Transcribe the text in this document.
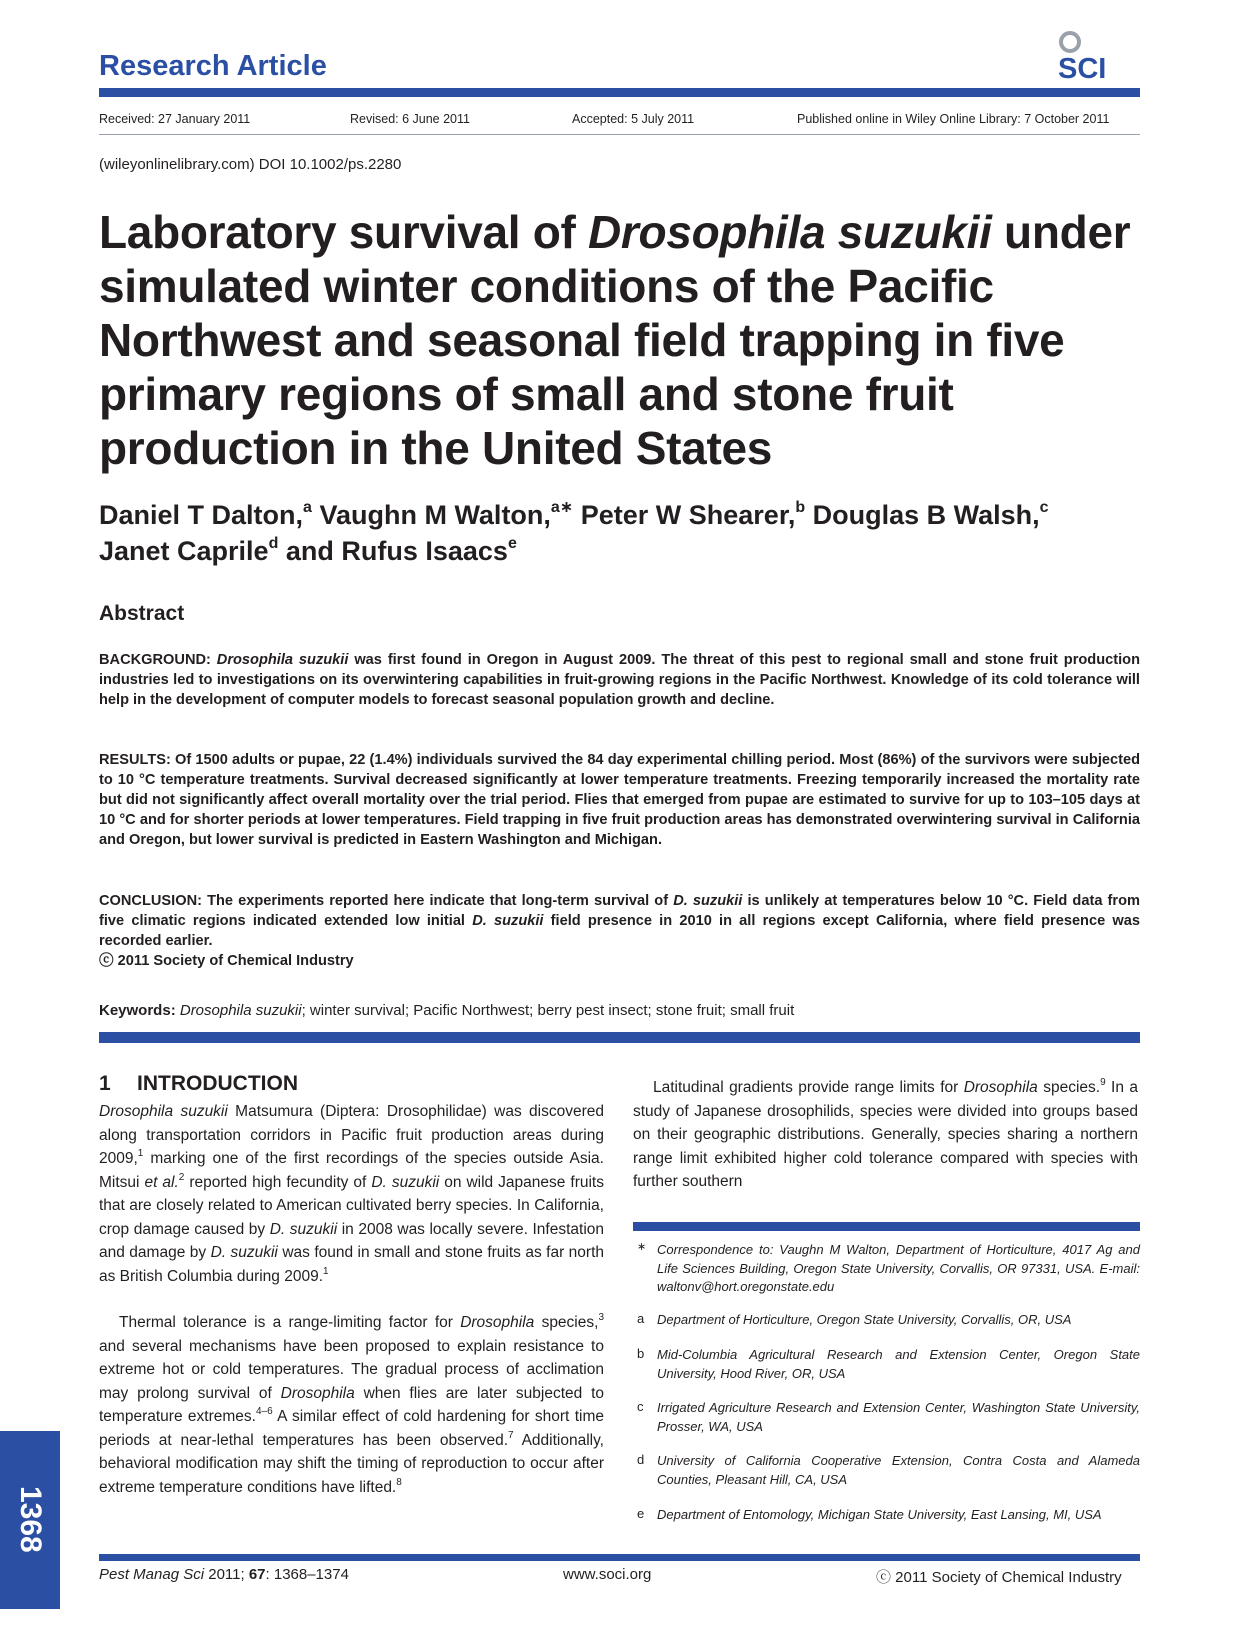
Research Article	SCI
Received: 27 January 2011	Revised: 6 June 2011	Accepted: 5 July 2011	Published online in Wiley Online Library: 7 October 2011
(wileyonlinelibrary.com) DOI 10.1002/ps.2280
Laboratory survival of Drosophila suzukii under simulated winter conditions of the Pacific Northwest and seasonal field trapping in five primary regions of small and stone fruit production in the United States
Daniel T Dalton,$^a$ Vaughn M Walton,$^{a∗}$ Peter W Shearer,$^b$ Douglas B Walsh,$^c$
Janet Caprile$^d$ and Rufus Isaacs$^e$
Abstract
BACKGROUND: Drosophila suzukii was first found in Oregon in August 2009. The threat of this pest to regional small and stone fruit production industries led to investigations on its overwintering capabilities in fruit-growing regions in the Pacific Northwest. Knowledge of its cold tolerance will help in the development of computer models to forecast seasonal population growth and decline.
RESULTS: Of 1500 adults or pupae, 22 (1.4%) individuals survived the 84 day experimental chilling period. Most (86%) of the survivors were subjected to 10 °C temperature treatments. Survival decreased significantly at lower temperature treatments. Freezing temporarily increased the mortality rate but did not significantly affect overall mortality over the trial period. Flies that emerged from pupae are estimated to survive for up to 103–105 days at 10 °C and for shorter periods at lower temperatures. Field trapping in five fruit production areas has demonstrated overwintering survival in California and Oregon, but lower survival is predicted in Eastern Washington and Michigan.
CONCLUSION: The experiments reported here indicate that long-term survival of D. suzukii is unlikely at temperatures below 10 °C. Field data from five climatic regions indicated extended low initial D. suzukii field presence in 2010 in all regions except California, where field presence was recorded earlier.
ⓒ 2011 Society of Chemical Industry
Keywords: Drosophila suzukii; winter survival; Pacific Northwest; berry pest insect; stone fruit; small fruit
1 INTRODUCTION
Drosophila suzukii Matsumura (Diptera: Drosophilidae) was discovered along transportation corridors in Pacific fruit production areas during 2009,$^1$ marking one of the first recordings of the species outside Asia. Mitsui et al.$^2$ reported high fecundity of D. suzukii on wild Japanese fruits that are closely related to American cultivated berry species. In California, crop damage caused by D. suzukii in 2008 was locally severe. Infestation and damage by D. suzukii was found in small and stone fruits as far north as British Columbia during 2009.$^1$
Thermal tolerance is a range-limiting factor for Drosophila species,$^3$ and several mechanisms have been proposed to explain resistance to extreme hot or cold temperatures. The gradual process of acclimation may prolong survival of Drosophila when flies are later subjected to temperature extremes.$^{4-6}$ A similar effect of cold hardening for short time periods at near-lethal temperatures has been observed.$^7$ Additionally, behavioral modification may shift the timing of reproduction to occur after extreme temperature conditions have lifted.$^8$
Latitudinal gradients provide range limits for Drosophila species.$^9$ In a study of Japanese drosophilids, species were divided into groups based on their geographic distributions. Generally, species sharing a northern range limit exhibited higher cold tolerance compared with species with further southern
∗ Correspondence to: Vaughn M Walton, Department of Horticulture, 4017 Ag and Life Sciences Building, Oregon State University, Corvallis, OR 97331, USA. E-mail: waltonv@hort.oregonstate.edu
a Department of Horticulture, Oregon State University, Corvallis, OR, USA
b Mid-Columbia Agricultural Research and Extension Center, Oregon State University, Hood River, OR, USA
c Irrigated Agriculture Research and Extension Center, Washington State University, Prosser, WA, USA
d University of California Cooperative Extension, Contra Costa and Alameda Counties, Pleasant Hill, CA, USA
e Department of Entomology, Michigan State University, East Lansing, MI, USA
1368
Pest Manag Sci 2011; 67: 1368–1374	www.soci.org	ⓒ 2011 Society of Chemical Industry
